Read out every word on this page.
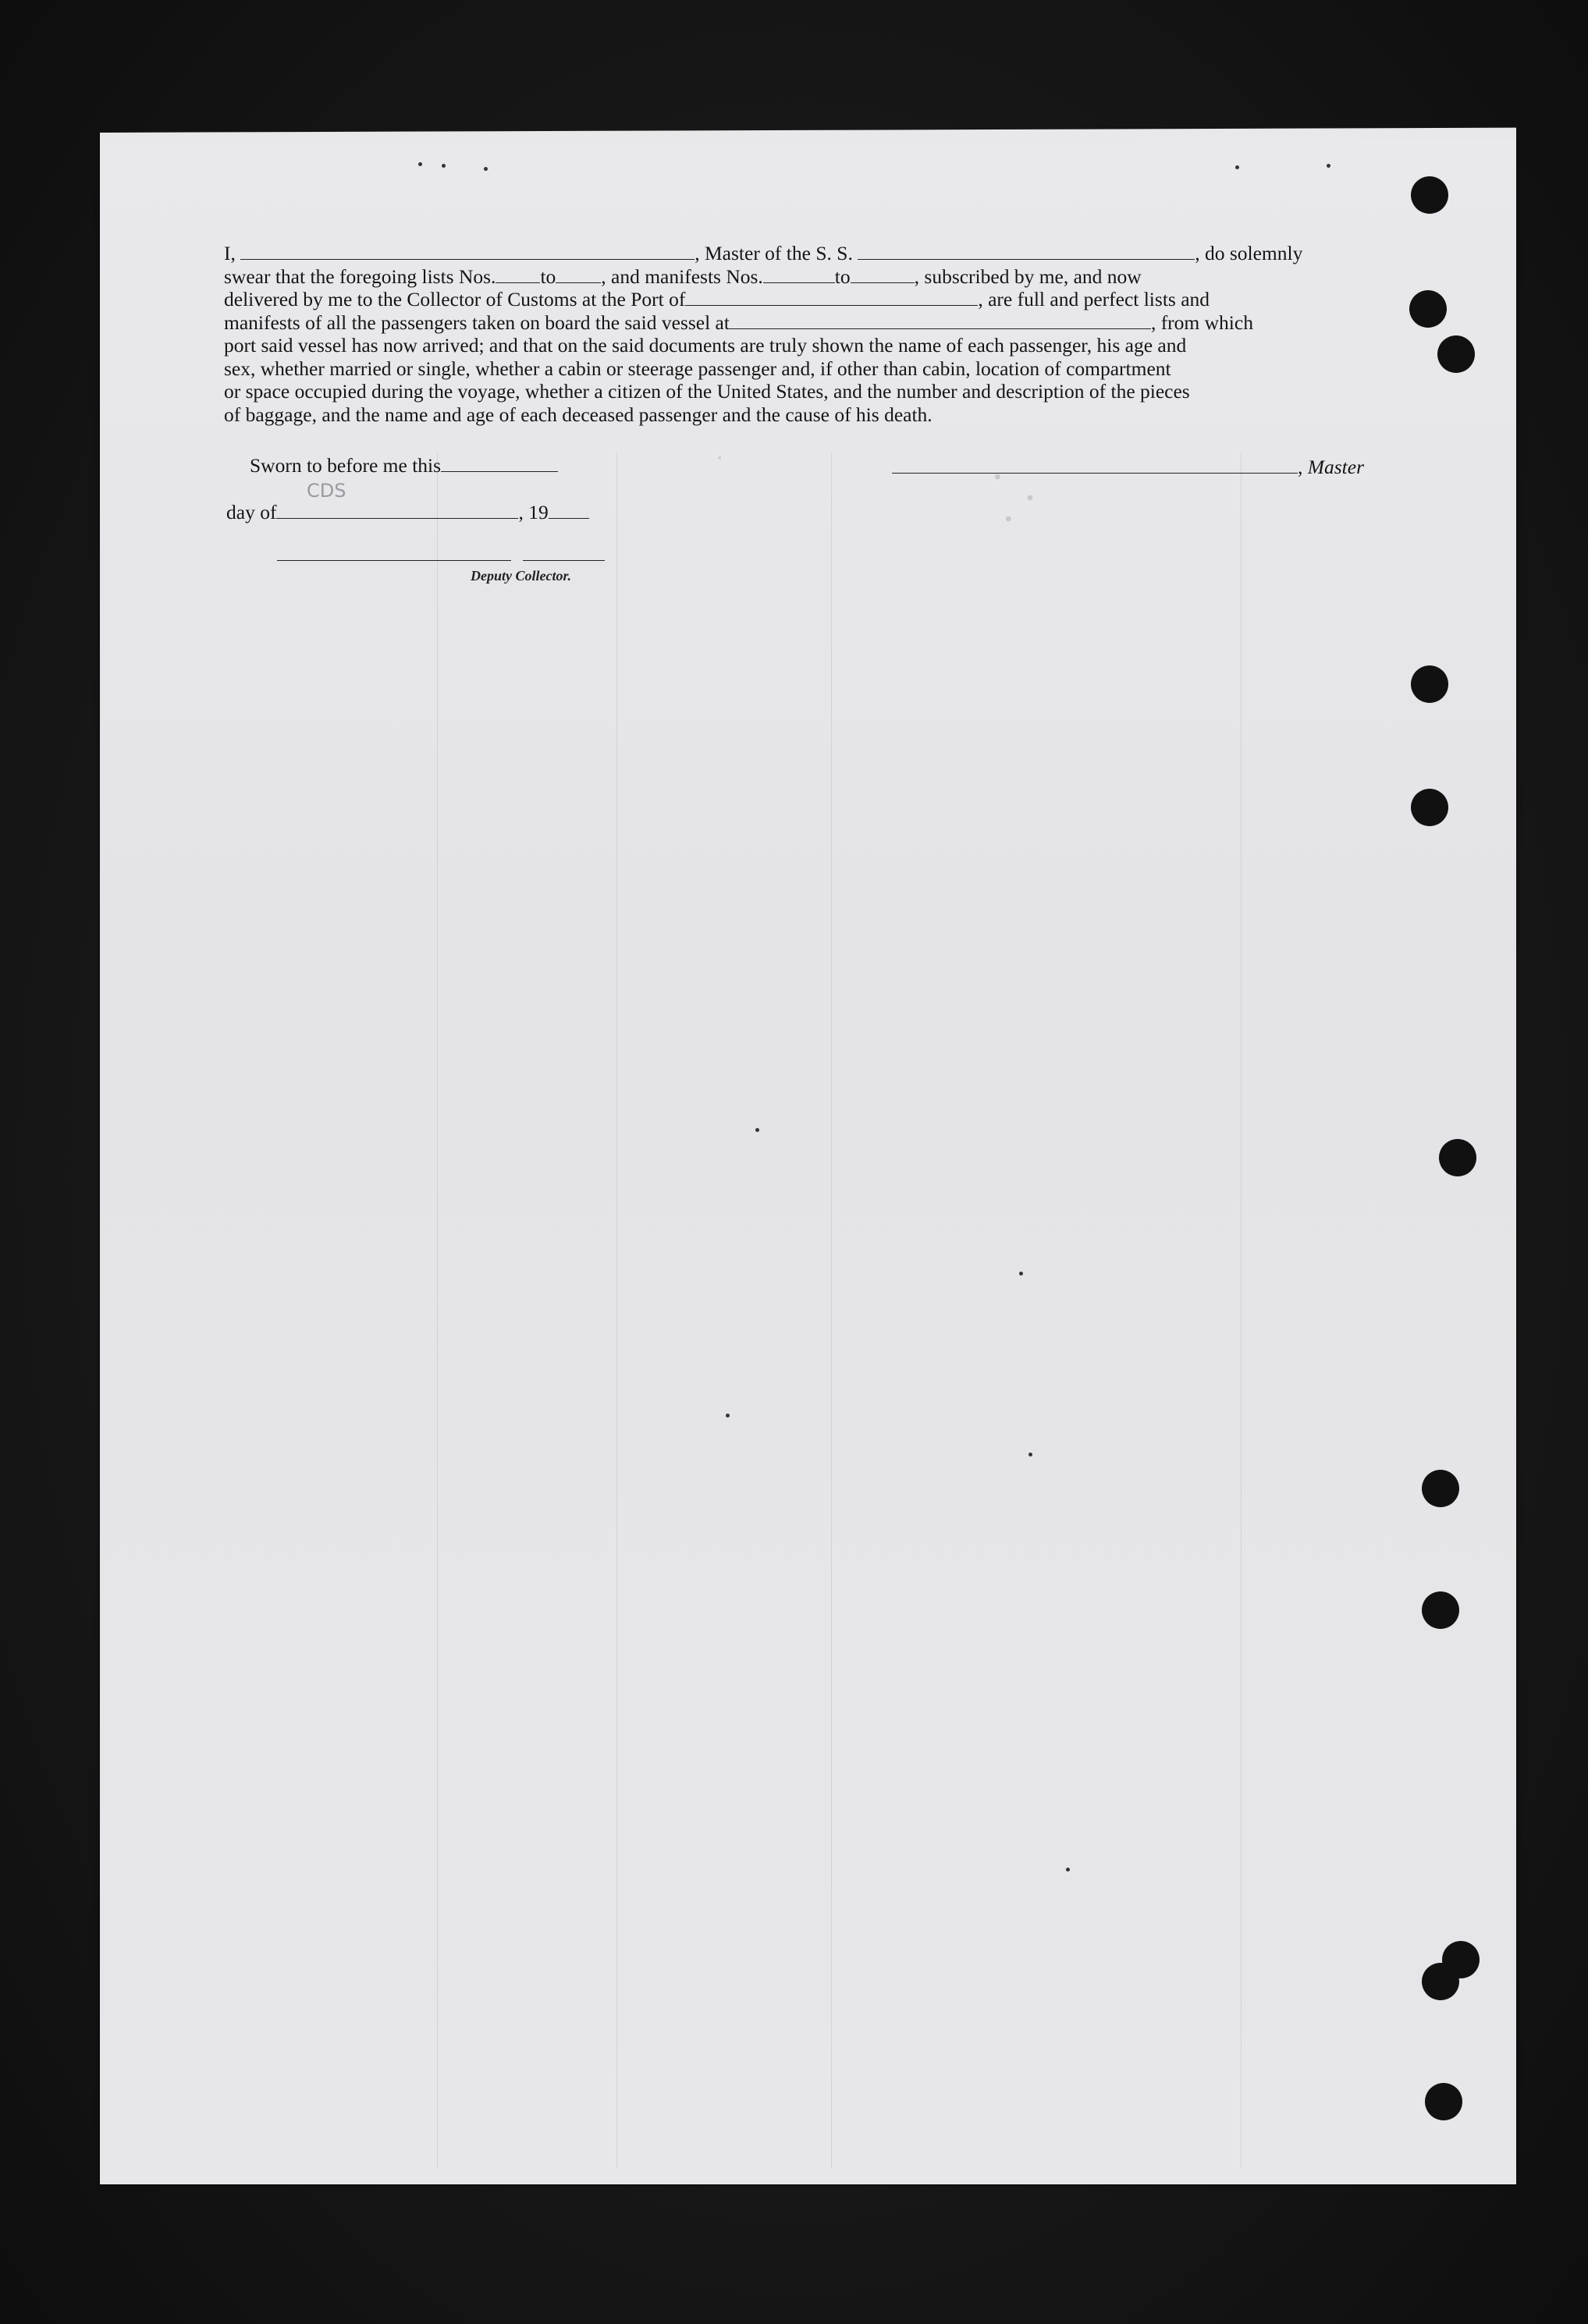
•
•
•
·
I,	, Master of the S. S.	, do solemnly
swear that the foregoing lists Nos. to , and manifests Nos.	to	, subscribed by me, and now
delivered by me to the Collector of Customs at the Port of	, are full and perfect lists and
manifests of all the passengers taken on board the said vessel at	, from which
port said vessel has now arrived; and that on the said documents are truly shown the name of each passenger, his age and
sex, whether married or single, whether a cabin or steerage passenger and, if other than cabin, location of compartment
or space occupied during the voyage, whether a citizen of the United States, and the number and description of the pieces
of baggage, and the name and age of each deceased passenger and the cause of his death.
Sworn to before me this
day of	, 19
CDS
, Master
Deputy Collector.
